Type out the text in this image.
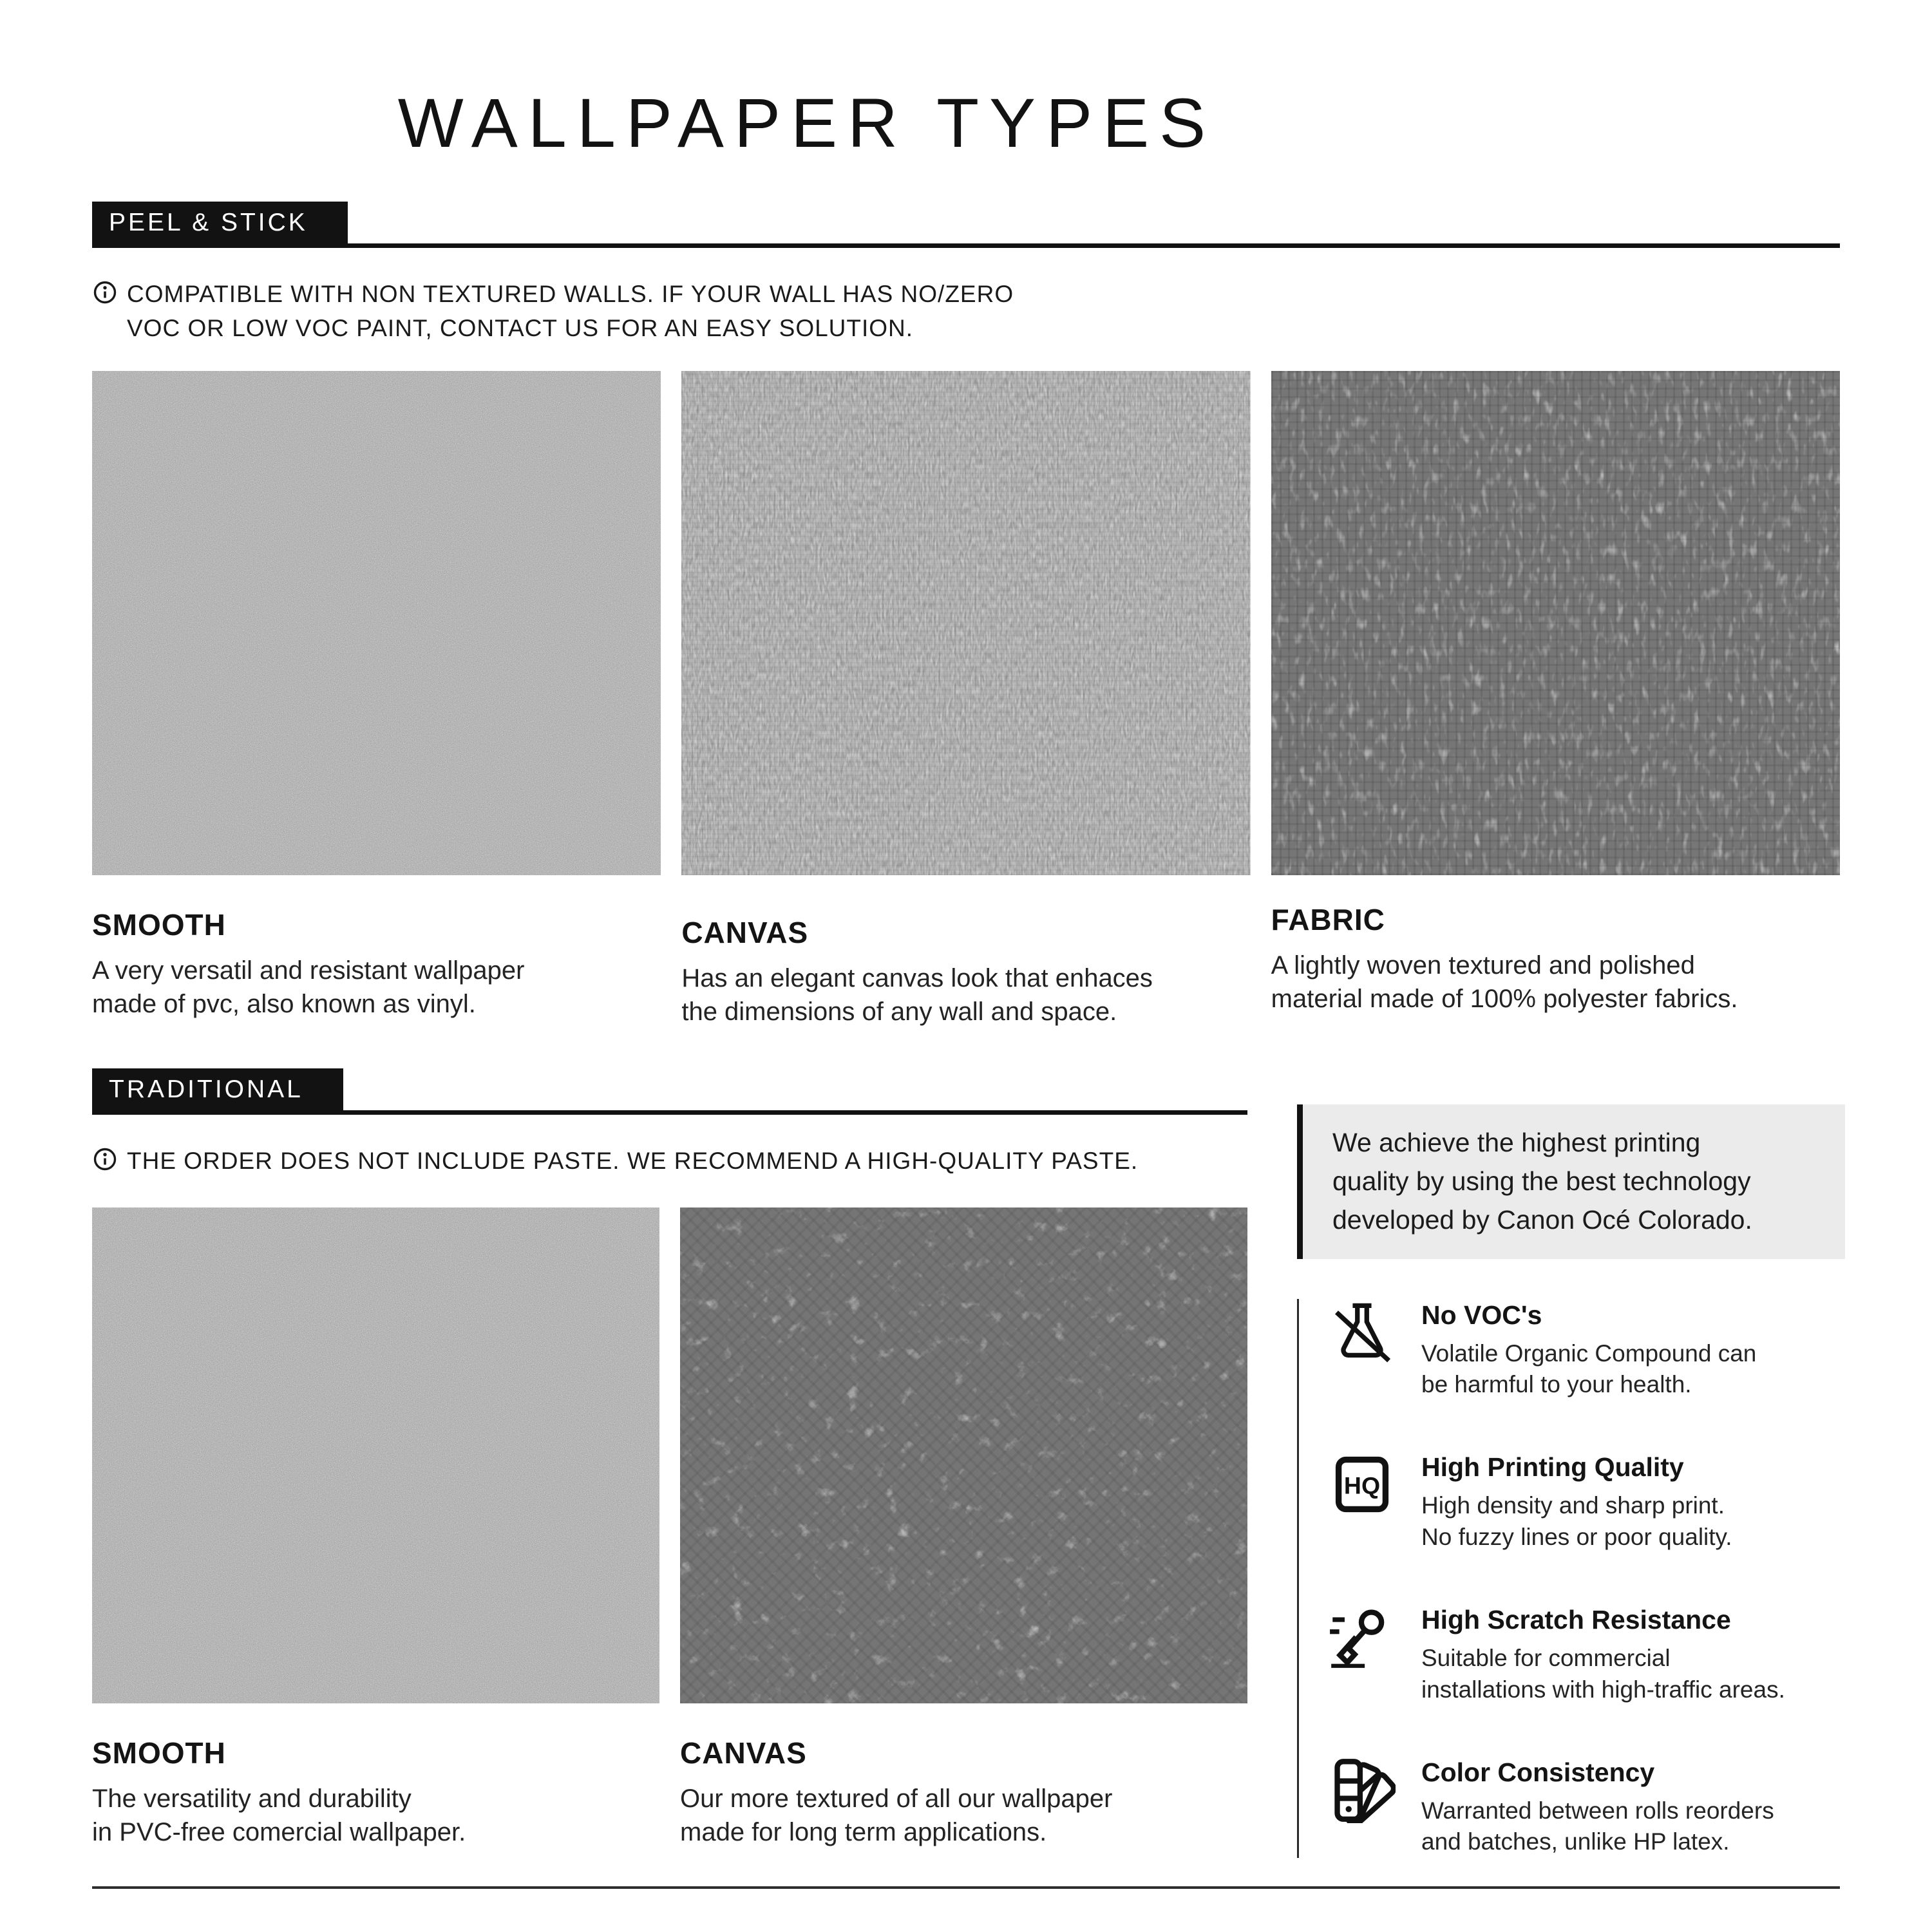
WALLPAPER TYPES
PEEL & STICK
COMPATIBLE WITH NON TEXTURED WALLS. IF YOUR WALL HAS NO/ZERO
VOC OR LOW VOC PAINT, CONTACT US FOR AN EASY SOLUTION.
SMOOTH

A very versatil and resistant wallpaper
made of pvc, also known as vinyl.

CANVAS

Has an elegant canvas look that enhaces
the dimensions of any wall and space.

FABRIC

A lightly woven textured and polished
material made of 100% polyester fabrics.

TRADITIONAL
THE ORDER DOES NOT INCLUDE PASTE. WE RECOMMEND A HIGH-QUALITY PASTE.
SMOOTH

The versatility and durability
in PVC-free comercial wallpaper.

CANVAS

Our more textured of all our wallpaper
made for long term applications.

We achieve the highest printing
quality by using the best technology
developed by Canon Océ Colorado.
No VOC's

Volatile Organic Compound can
be harmful to your health.

HQ
High Printing Quality

High density and sharp print.
No fuzzy lines or poor quality.

High Scratch Resistance

Suitable for commercial
installations with high-traffic areas.

Color Consistency

Warranted between rolls reorders
and batches, unlike HP latex.
